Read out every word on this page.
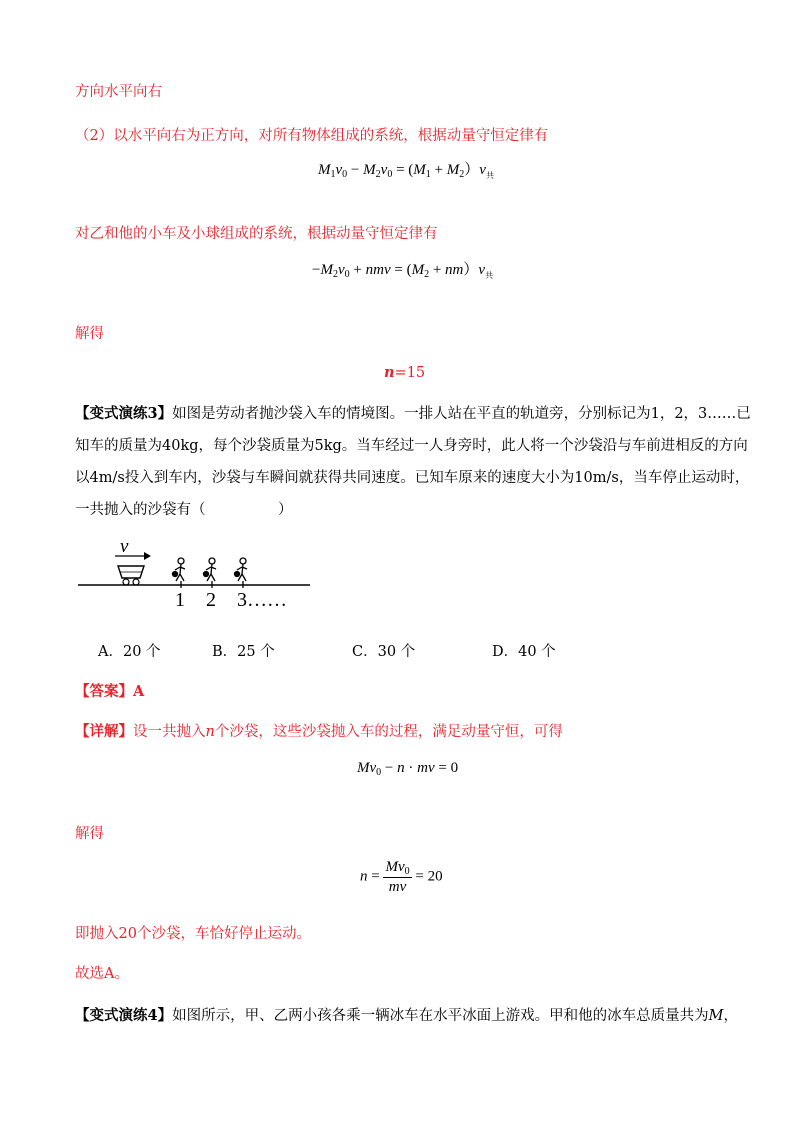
方向水平向右
（2）以水平向右为正方向，对所有物体组成的系统，根据动量守恒定律有
$M_1v_0 - M_2v_0 = (M_1 + M_2)v_共$
对乙和他的小车及小球组成的系统，根据动量守恒定律有
$-M_2v_0$ + nmv = $(M_2 + nm)v_共$
解得
n=15
【变式演练3】如图是劳动者抛沙袋入车的情境图。一排人站在平直的轨道旁，分别标记为1，2，3……已
知车的质量为40kg，每个沙袋质量为5kg。当车经过一人身旁时，此人将一个沙袋沿与车前进相反的方向
以4m/s投入到车内，沙袋与车瞬间就获得共同速度。已知车原来的速度大小为10m/s，当车停止运动时，
一共抛入的沙袋有（　　　　　）
v
1 2 3……
A．20 个	B．25 个	C．30 个	D．40 个
【答案】A
【详解】设一共抛入n个沙袋，这些沙袋抛入车的过程，满足动量守恒，可得
$Mv_0 - n$ · mv = 0
解得
$n = \frac{Mv_0}{mv} = 20$
即抛入20个沙袋，车恰好停止运动。
故选A。
【变式演练4】如图所示，甲、乙两小孩各乘一辆冰车在水平冰面上游戏。甲和他的冰车总质量共为M，
